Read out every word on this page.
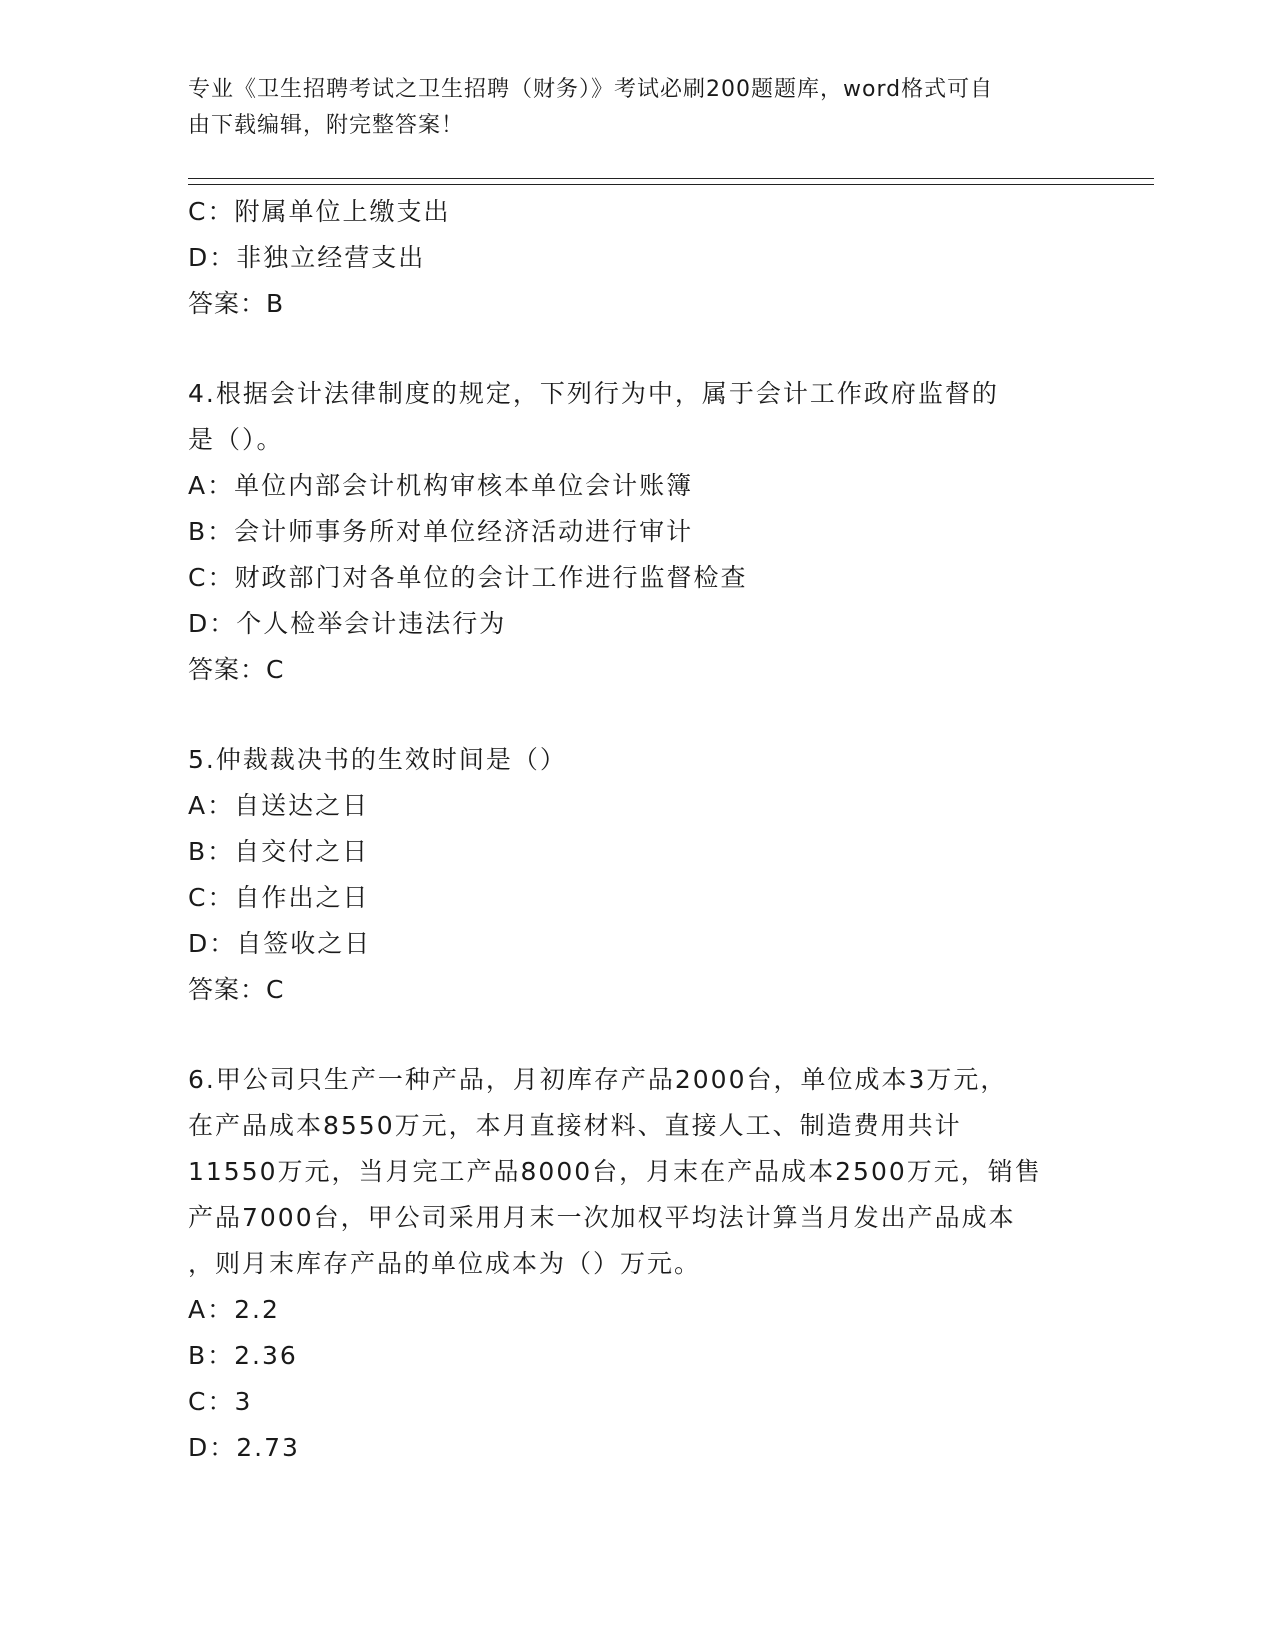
专业《卫生招聘考试之卫生招聘（财务）》考试必刷200题题库，word格式可自
由下载编辑，附完整答案！
C：附属单位上缴支出
D：非独立经营支出
答案：B
4.根据会计法律制度的规定，下列行为中，属于会计工作政府监督的
是（）。
A：单位内部会计机构审核本单位会计账簿
B：会计师事务所对单位经济活动进行审计
C：财政部门对各单位的会计工作进行监督检查
D：个人检举会计违法行为
答案：C
5.仲裁裁决书的生效时间是（）
A：自送达之日
B：自交付之日
C：自作出之日
D：自签收之日
答案：C
6.甲公司只生产一种产品，月初库存产品2000台，单位成本3万元，
在产品成本8550万元，本月直接材料、直接人工、制造费用共计
11550万元，当月完工产品8000台，月末在产品成本2500万元，销售
产品7000台，甲公司采用月末一次加权平均法计算当月发出产品成本
，则月末库存产品的单位成本为（）万元。
A：2.2
B：2.36
C：3
D：2.73
